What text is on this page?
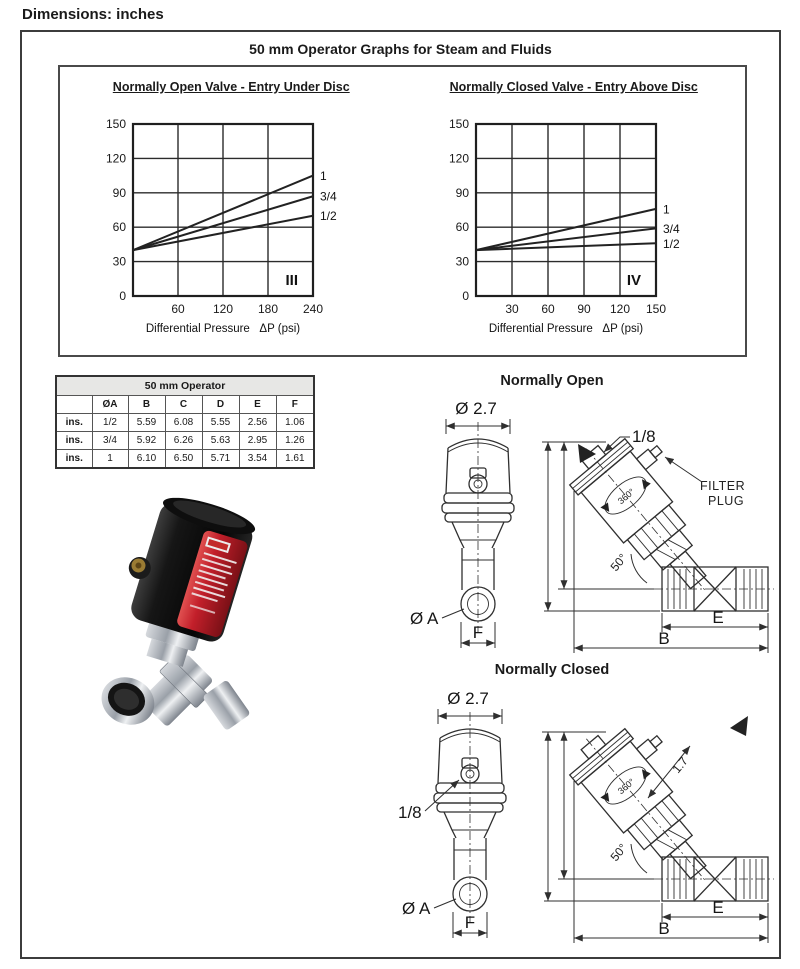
Dimensions: inches
50 mm Operator Graphs for Steam and Fluids
Normally Open Valve - Entry Under Disc
0
30
60
90
120
150
60 120 180 240
1
3/4
1/2
III
Differential Pressure   ΔP (psi)
Normally Closed Valve - Entry Above Disc
0
30
60
90
120
150
30 60 90 120 150
1
3/4
1/2
IV
Differential Pressure   ΔP (psi)
50 mm Operator						
	ØA	B	C	D	E	F
ins.	1/2	5.59	6.08	5.55	2.56	1.06
ins.	3/4	5.92	6.26	5.63	2.95	1.26
ins.	1	6.10	6.50	5.71	3.54	1.61
Normally Open
Ø 2.7
Ø A
F
360°
1/8
FILTER
PLUG
50°
E
B
Normally Closed
Ø 2.7
1/8
Ø A
F
360°
1.7
50°
E
B
